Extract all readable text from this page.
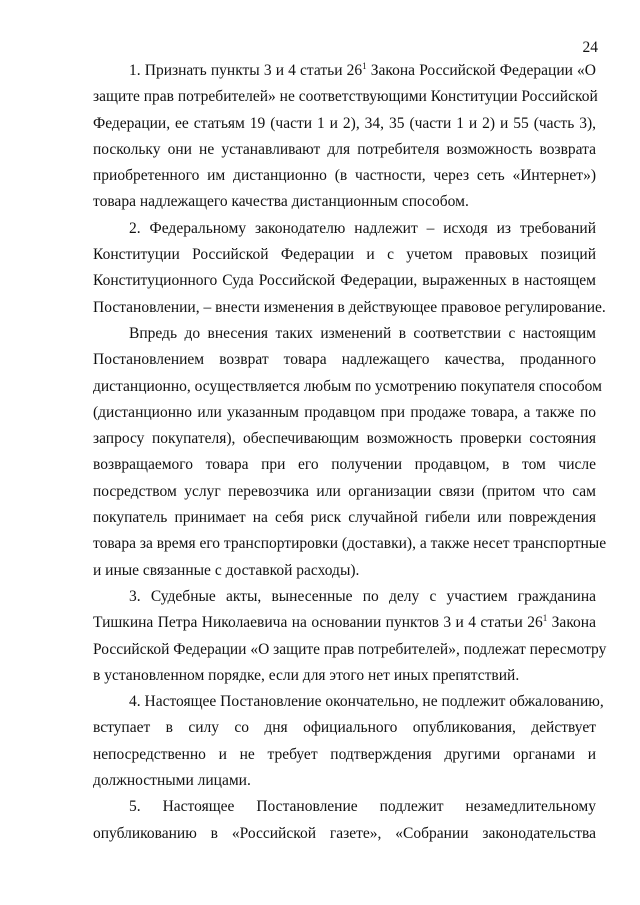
24
1. Признать пункты 3 и 4 статьи 26$^1$ Закона Российской Федерации «О
защите прав потребителей» не соответствующими Конституции Российской
Федерации, ее статьям 19 (части 1 и 2), 34, 35 (части 1 и 2) и 55 (часть 3),
поскольку они не устанавливают для потребителя возможность возврата
приобретенного им дистанционно (в частности, через сеть «Интернет»)
товара надлежащего качества дистанционным способом.
2. Федеральному законодателю надлежит – исходя из требований
Конституции Российской Федерации и с учетом правовых позиций
Конституционного Суда Российской Федерации, выраженных в настоящем
Постановлении, – внести изменения в действующее правовое регулирование.
Впредь до внесения таких изменений в соответствии с настоящим
Постановлением возврат товара надлежащего качества, проданного
дистанционно, осуществляется любым по усмотрению покупателя способом
(дистанционно или указанным продавцом при продаже товара, а также по
запросу покупателя), обеспечивающим возможность проверки состояния
возвращаемого товара при его получении продавцом, в том числе
посредством услуг перевозчика или организации связи (притом что сам
покупатель принимает на себя риск случайной гибели или повреждения
товара за время его транспортировки (доставки), а также несет транспортные
и иные связанные с доставкой расходы).
3. Судебные акты, вынесенные по делу с участием гражданина
Тишкина Петра Николаевича на основании пунктов 3 и 4 статьи 26$^1$ Закона
Российской Федерации «О защите прав потребителей», подлежат пересмотру
в установленном порядке, если для этого нет иных препятствий.
4. Настоящее Постановление окончательно, не подлежит обжалованию,
вступает в силу со дня официального опубликования, действует
непосредственно и не требует подтверждения другими органами и
должностными лицами.
5. Настоящее Постановление подлежит незамедлительному
опубликованию в «Российской газете», «Собрании законодательства
